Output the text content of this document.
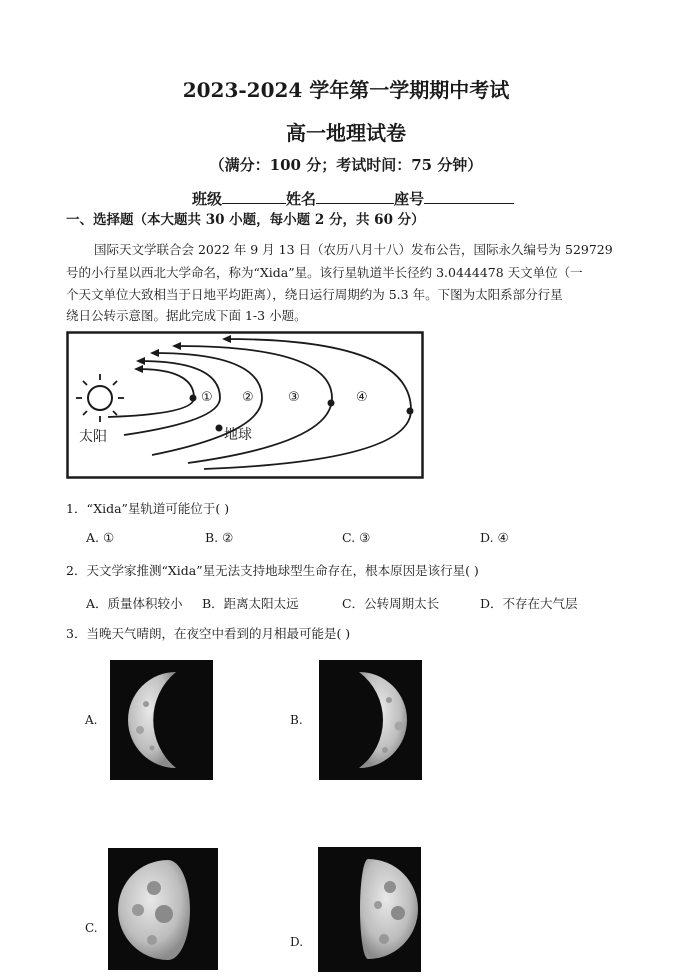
2023-2024 学年第一学期期中考试
高一地理试卷
（满分：100 分；考试时间：75 分钟）
班级	姓名	座号
一、选择题（本大题共 30 小题，每小题 2 分，共 60 分）
国际天文学联合会 2022 年 9 月 13 日（农历八月十八）发布公告，国际永久编号为 529729
号的小行星以西北大学命名，称为“Xida”星。该行星轨道半长径约 3.0444478 天文单位（一
个天文单位大致相当于日地平均距离），绕日运行周期约为 5.3 年。下图为太阳系部分行星
绕日公转示意图。据此完成下面 1-3 小题。
太阳	地球
① ②	③	④
1．“Xida”星轨道可能位于( )
A. ①	B. ②	C. ③	D. ④
2．天文学家推测“Xida”星无法支持地球型生命存在，根本原因是该行星( )
A．质量体积较小 B．距离太阳太远	C．公转周期太长	D．不存在大气层
3．当晚天气晴朗，在夜空中看到的月相最可能是( )
A.	B.
C.
D.
